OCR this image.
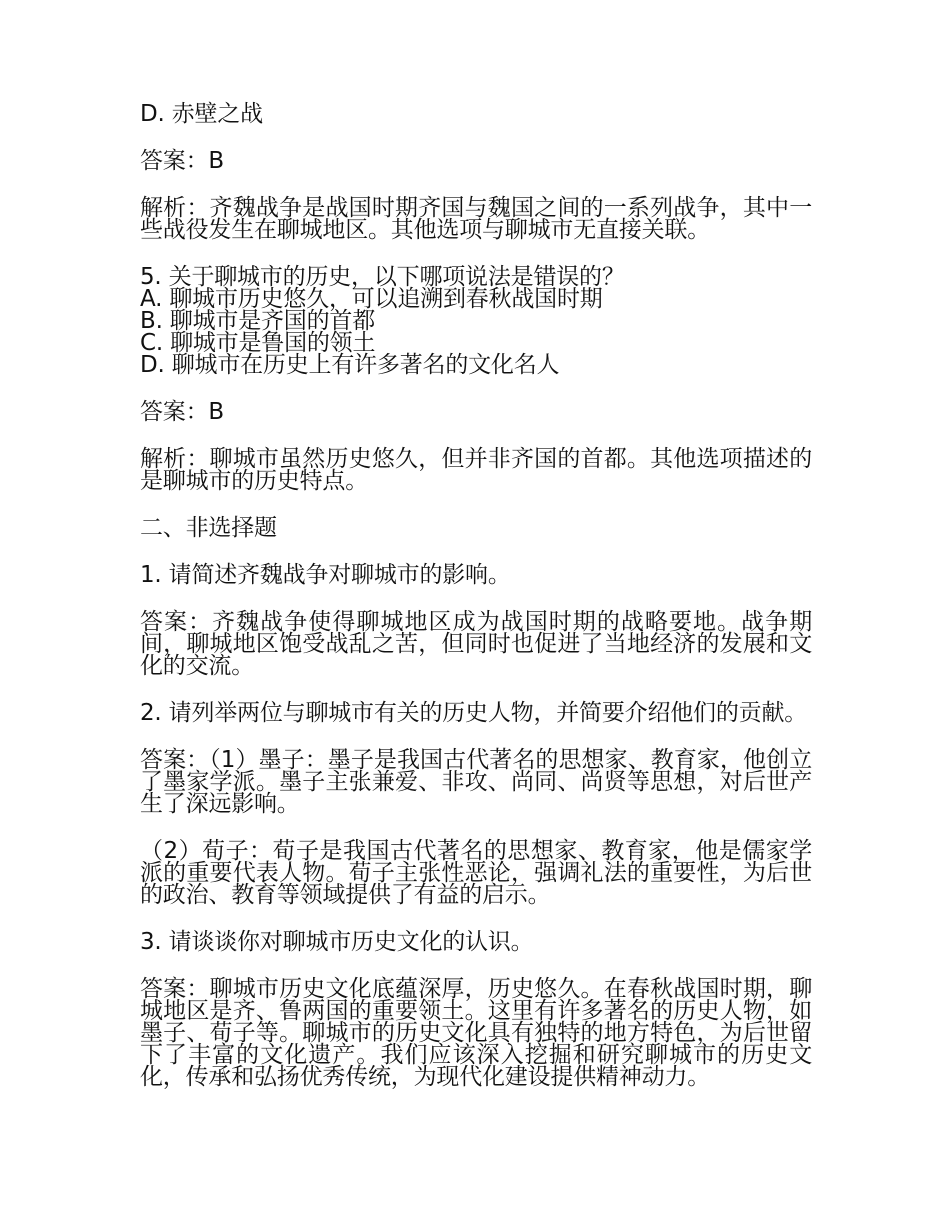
D. 赤壁之战

答案：B

解析：齐魏战争是战国时期齐国与魏国之间的一系列战争，其中一些战役发生在聊城地区。其他选项与聊城市无直接关联。

5. 关于聊城市的历史，以下哪项说法是错误的？
A. 聊城市历史悠久，可以追溯到春秋战国时期
B. 聊城市是齐国的首都
C. 聊城市是鲁国的领土
D. 聊城市在历史上有许多著名的文化名人

答案：B

解析：聊城市虽然历史悠久，但并非齐国的首都。其他选项描述的是聊城市的历史特点。

二、非选择题

1. 请简述齐魏战争对聊城市的影响。

答案：齐魏战争使得聊城地区成为战国时期的战略要地。战争期间，聊城地区饱受战乱之苦，但同时也促进了当地经济的发展和文化的交流。

2. 请列举两位与聊城市有关的历史人物，并简要介绍他们的贡献。

答案：（1）墨子：墨子是我国古代著名的思想家、教育家，他创立了墨家学派。墨子主张兼爱、非攻、尚同、尚贤等思想，对后世产生了深远影响。

（2）荀子：荀子是我国古代著名的思想家、教育家，他是儒家学派的重要代表人物。荀子主张性恶论，强调礼法的重要性，为后世的政治、教育等领域提供了有益的启示。

3. 请谈谈你对聊城市历史文化的认识。

答案：聊城市历史文化底蕴深厚，历史悠久。在春秋战国时期，聊城地区是齐、鲁两国的重要领土。这里有许多著名的历史人物，如墨子、荀子等。聊城市的历史文化具有独特的地方特色，为后世留下了丰富的文化遗产。我们应该深入挖掘和研究聊城市的历史文化，传承和弘扬优秀传统，为现代化建设提供精神动力。
